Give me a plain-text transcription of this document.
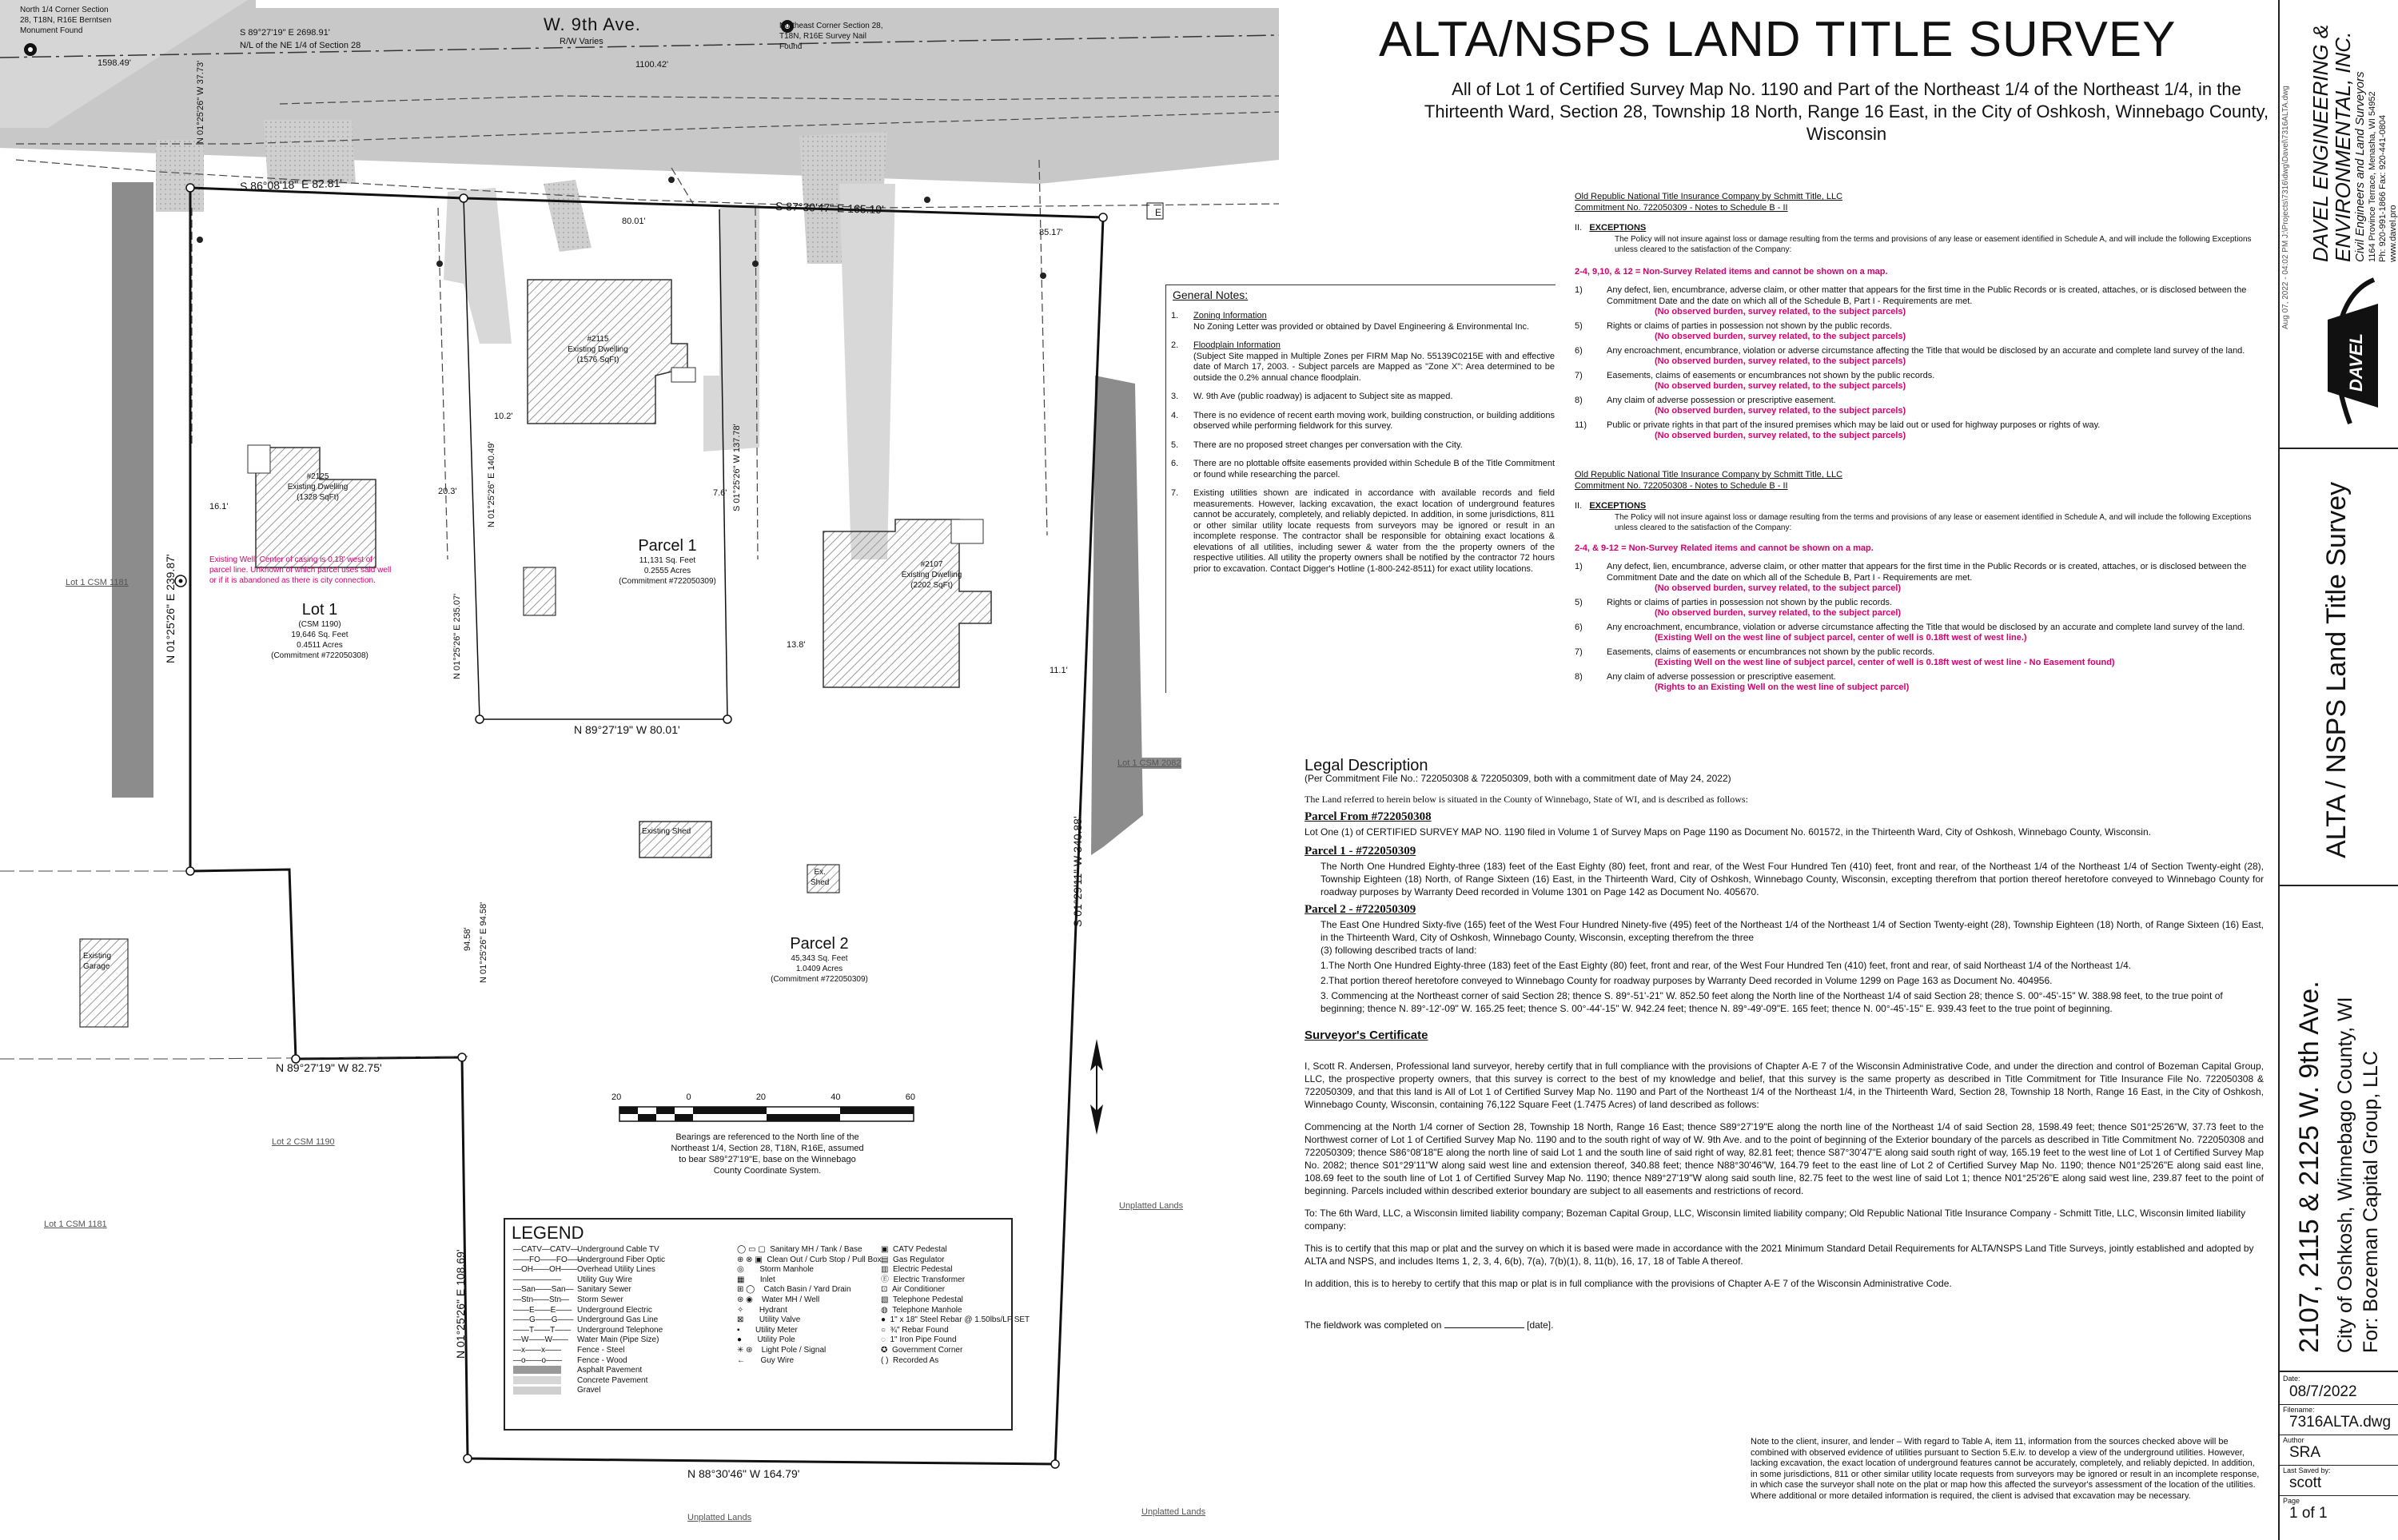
E
North 1/4 Corner Section 28, T18N, R16E Berntsen Monument Found
Northeast Corner Section 28, T18N, R16E Survey Nail Found
W. 9th Ave.
R/W Varies
S 89°27'19" E 2698.91'
N/L of the NE 1/4 of Section 28
1598.49'	1100.42'
S 86°08'18" E 82.81'
S 87°30'47" E 165.19'
80.01'
85.17'
N 01°25'26" W 37.73'
N 01°25'26" E 239.87'
N 01°25'26" E 140.49'
N 01°25'26" E 235.07'
S 01°25'26" W 137.78'
N 89°27'19" W 80.01'
N 01°25'26" E 94.58'
94.58'
S 01°29'11" W 340.88'
N 89°27'19" W 82.75'
N 01°25'26" E 108.69'
N 88°30'46" W 164.79'
#2115
Existing Dwelling
(1576 SqFt)
#2125
Existing Dwelling
(1328 SqFt)
#2107
Existing Dwelling
(2202 SqFt)
Existing Shed
Ex.
Shed
Existing
Garage
Existing Well: Center of casing is 0.18' west of parcel line. Unknown of which parcel uses said well or if it is abandoned as there is city connection.
Lot 1
(CSM 1190)
19,646 Sq. Feet
0.4511 Acres
(Commitment #722050308)
Parcel 1
11,131 Sq. Feet
0.2555 Acres
(Commitment #722050309)
Parcel 2
45,343 Sq. Feet
1.0409 Acres
(Commitment #722050309)
Lot 1 CSM 1181
Lot 1 CSM 1181
Lot 2 CSM 1190
Lot 1 CSM 2082
Unplatted Lands
Unplatted Lands
Unplatted Lands
16.1'
20.3'
10.2'
7.6'
13.8'
11.1'
20	0	20	40	60
Bearings are referenced to the North line of the Northeast 1/4, Section 28, T18N, R16E, assumed to bear S89°27'19"E, base on the Winnebago County Coordinate System.
LEGEND
—CATV—CATV—Underground Cable TV
——FO——FO——Underground Fiber Optic
—OH——OH——Overhead Utility Lines
—————— Utility Guy Wire
—San——San— Sanitary Sewer
—Stn——Stn— Storm Sewer
——E——E—— Underground Electric
——G——G—— Underground Gas Line
——T——T—— Underground Telephone
—W——W—— Water Main (Pipe Size)
—x——x—— Fence - Steel
—o——o—— Fence - Wood
Asphalt Pavement
Concrete Pavement
Gravel
◯ ▭ ▢  Sanitary MH / Tank / Base
⊕ ⊗ ▣  Clean Out / Curb Stop / Pull Box
◎       Storm Manhole
▦       Inlet
⊞ ◯    Catch Basin / Yard Drain
⊛ ◉    Water MH / Well
✧       Hydrant
⊠       Utility Valve
▪       Utility Meter
●       Utility Pole
✳ ⊛    Light Pole / Signal
←       Guy Wire
▣  CATV Pedestal
▤  Gas Regulator
▥  Electric Pedestal
Ⓔ  Electric Transformer
⊡  Air Conditioner
▧  Telephone Pedestal
◍  Telephone Manhole
●  1" x 18" Steel Rebar @ 1.50lbs/LF SET
○  ¾" Rebar Found
◌  1" Iron Pipe Found
✪  Government Corner
( )  Recorded As
ALTA/NSPS LAND TITLE SURVEY
All of Lot 1 of Certified Survey Map No. 1190 and Part of the Northeast 1/4 of the Northeast 1/4, in the Thirteenth Ward, Section 28, Township 18 North, Range 16 East, in the City of Oshkosh, Winnebago County, Wisconsin
General Notes:
1.	Zoning Information
No Zoning Letter was provided or obtained by Davel Engineering & Environmental Inc.
2.	Floodplain Information
(Subject Site mapped in Multiple Zones per FIRM Map No. 55139C0215E with and effective date of March 17, 2003. - Subject parcels are Mapped as "Zone X": Area determined to be outside the 0.2% annual chance floodplain.
3.	W. 9th Ave (public roadway) is adjacent to Subject site as mapped.
4.	There is no evidence of recent earth moving work, building construction, or building additions observed while performing fieldwork for this survey.
5.	There are no proposed street changes per conversation with the City.
6.	There are no plottable offsite easements provided within Schedule B of the Title Commitment or found while researching the parcel.
7.	Existing utilities shown are indicated in accordance with available records and field measurements. However, lacking excavation, the exact location of underground features cannot be accurately, completely, and reliably depicted. In addition, in some jurisdictions, 811 or other similar utility locate requests from surveyors may be ignored or result in an incomplete response. The contractor shall be responsible for obtaining exact locations & elevations of all utilities, including sewer & water from the the property owners of the respective utilities. All utility the property owners shall be notified by the contractor 72 hours prior to excavation. Contact Digger's Hotline (1-800-242-8511) for exact utility locations.
Old Republic National Title Insurance Company by Schmitt Title, LLC
Commitment No. 722050309 - Notes to Schedule B - II
II.   EXCEPTIONS
The Policy will not insure against loss or damage resulting from the terms and provisions of any lease or easement identified in Schedule A, and will include the following Exceptions unless cleared to the satisfaction of the Company:
2-4, 9,10, & 12 = Non-Survey Related items and cannot be shown on a map.
1)	Any defect, lien, encumbrance, adverse claim, or other matter that appears for the first time in the Public Records or is created, attaches, or is disclosed between the Commitment Date and the date on which all of the Schedule B, Part I - Requirements are met.
(No observed burden, survey related, to the subject parcels)
5)	Rights or claims of parties in possession not shown by the public records.
(No observed burden, survey related, to the subject parcels)
6)	Any encroachment, encumbrance, violation or adverse circumstance affecting the Title that would be disclosed by an accurate and complete land survey of the land.
(No observed burden, survey related, to the subject parcels)
7)	Easements, claims of easements or encumbrances not shown by the public records.
(No observed burden, survey related, to the subject parcels)
8)	Any claim of adverse possession or prescriptive easement.
(No observed burden, survey related, to the subject parcels)
11)	Public or private rights in that part of the insured premises which may be laid out or used for highway purposes or rights of way.
(No observed burden, survey related, to the subject parcels)
Old Republic National Title Insurance Company by Schmitt Title, LLC
Commitment No. 722050308 - Notes to Schedule B - II
II.   EXCEPTIONS
The Policy will not insure against loss or damage resulting from the terms and provisions of any lease or easement identified in Schedule A, and will include the following Exceptions unless cleared to the satisfaction of the Company:
2-4, & 9-12 = Non-Survey Related items and cannot be shown on a map.
1)	Any defect, lien, encumbrance, adverse claim, or other matter that appears for the first time in the Public Records or is created, attaches, or is disclosed between the Commitment Date and the date on which all of the Schedule B, Part I - Requirements are met.
(No observed burden, survey related, to the subject parcel)
5)	Rights or claims of parties in possession not shown by the public records.
(No observed burden, survey related, to the subject parcel)
6)	Any encroachment, encumbrance, violation or adverse circumstance affecting the Title that would be disclosed by an accurate and complete land survey of the land.
(Existing Well on the west line of subject parcel, center of well is 0.18ft west of west line.)
7)	Easements, claims of easements or encumbrances not shown by the public records.
(Existing Well on the west line of subject parcel, center of well is 0.18ft west of west line - No Easement found)
8)	Any claim of adverse possession or prescriptive easement.
(Rights to an Existing Well on the west line of subject parcel)
Legal Description

(Per Commitment File No.: 722050308 & 722050309, both with a commitment date of May 24, 2022)

The Land referred to herein below is situated in the County of Winnebago, State of WI, and is described as follows:

Parcel From #722050308

Lot One (1) of CERTIFIED SURVEY MAP NO. 1190 filed in Volume 1 of Survey Maps on Page 1190 as Document No. 601572, in the Thirteenth Ward, City of Oshkosh, Winnebago County, Wisconsin.

Parcel 1 - #722050309

The North One Hundred Eighty-three (183) feet of the East Eighty (80) feet, front and rear, of the West Four Hundred Ten (410) feet, front and rear, of the Northeast 1/4 of the Northeast 1/4 of Section Twenty-eight (28), Township Eighteen (18) North, of Range Sixteen (16) East, in the Thirteenth Ward, City of Oshkosh, Winnebago County, Wisconsin, excepting therefrom that portion thereof heretofore conveyed to Winnebago County for roadway purposes by Warranty Deed recorded in Volume 1301 on Page 142 as Document No. 405670.

Parcel 2 - #722050309

The East One Hundred Sixty-five (165) feet of the West Four Hundred Ninety-five (495) feet of the Northeast 1/4 of the Northeast 1/4 of Section Twenty-eight (28), Township Eighteen (18) North, of Range Sixteen (16) East, in the Thirteenth Ward, City of Oshkosh, Winnebago County, Wisconsin, excepting therefrom the three

(3) following described tracts of land:

1.The North One Hundred Eighty-three (183) feet of the East Eighty (80) feet, front and rear, of the West Four Hundred Ten (410) feet, front and rear, of said Northeast 1/4 of the Northeast 1/4.

2.That portion thereof heretofore conveyed to Winnebago County for roadway purposes by Warranty Deed recorded in Volume 1299 on Page 163 as Document No. 404956.

3. Commencing at the Northeast corner of said Section 28; thence S. 89°-51'-21" W. 852.50 feet along the North line of the Northeast 1/4 of said Section 28; thence S. 00°-45'-15" W. 388.98 feet, to the true point of beginning; thence N. 89°-12'-09" W. 165.25 feet; thence S. 00°-44'-15" W. 942.24 feet; thence N. 89°-49'-09"E. 165 feet; thence N. 00°-45'-15" E. 939.43 feet to the true point of beginning.

Surveyor's Certificate

I, Scott R. Andersen, Professional land surveyor, hereby certify that in full compliance with the provisions of Chapter A-E 7 of the Wisconsin Administrative Code, and under the direction and control of Bozeman Capital Group, LLC, the prospective property owners, that this survey is correct to the best of my knowledge and belief, that this survey is the same property as described in Title Commitment for Title Insurance File No. 722050308 & 722050309, and that this land is All of Lot 1 of Certified Survey Map No. 1190 and Part of the Northeast 1/4 of the Northeast 1/4, in the Thirteenth Ward, Section 28, Township 18 North, Range 16 East, in the City of Oshkosh, Winnebago County, Wisconsin, containing 76,122 Square Feet (1.7475 Acres) of land described as follows:

Commencing at the North 1/4 corner of Section 28, Township 18 North, Range 16 East; thence S89°27'19"E along the north line of the Northeast 1/4 of said Section 28, 1598.49 feet; thence S01°25'26"W, 37.73 feet to the Northwest corner of Lot 1 of Certified Survey Map No. 1190 and to the south right of way of W. 9th Ave. and to the point of beginning of the Exterior boundary of the parcels as described in Title Commitment No. 722050308 and 722050309; thence S86°08'18"E along the north line of said Lot 1 and the south line of said right of way, 82.81 feet; thence S87°30'47"E along said south right of way, 165.19 feet to the west line of Lot 1 of Certified Survey Map No. 2082; thence S01°29'11"W along said west line and extension thereof, 340.88 feet; thence N88°30'46"W, 164.79 feet to the east line of Lot 2 of Certified Survey Map No. 1190; thence N01°25'26"E along said east line, 108.69 feet to the south line of Lot 1 of Certified Survey Map No. 1190; thence N89°27'19"W along said south line, 82.75 feet to the west line of said Lot 1; thence N01°25'26"E along said west line, 239.87 feet to the point of beginning. Parcels included within described exterior boundary are subject to all easements and restrictions of record.

To: The 6th Ward, LLC, a Wisconsin limited liability company; Bozeman Capital Group, LLC, Wisconsin limited liability company; Old Republic National Title Insurance Company - Schmitt Title, LLC, Wisconsin limited liability company:

This is to certify that this map or plat and the survey on which it is based were made in accordance with the 2021 Minimum Standard Detail Requirements for ALTA/NSPS Land Title Surveys, jointly established and adopted by ALTA and NSPS, and includes Items 1, 2, 3, 4, 6(b), 7(a), 7(b)(1), 8, 11(b), 16, 17, 18 of Table A thereof.

In addition, this is to hereby to certify that this map or plat is in full compliance with the provisions of Chapter A-E 7 of the Wisconsin Administrative Code.

The fieldwork was completed on	[date].

Note to the client, insurer, and lender – With regard to Table A, item 11, information from the sources checked above will be combined with observed evidence of utilities pursuant to Section 5.E.iv. to develop a view of the underground utilities. However, lacking excavation, the exact location of underground features cannot be accurately, completely, and reliably depicted. In addition, in some jurisdictions, 811 or other similar utility locate requests from surveyors may be ignored or result in an incomplete response, in which case the surveyor shall note on the plat or map how this affected the surveyor's assessment of the location of the utilities. Where additional or more detailed information is required, the client is advised that excavation may be necessary.
Aug 07, 2022 - 04:02 PM J:\Projects\7316\dwg\Davel\7316ALTA.dwg DAVEL ENGINEERING &
ENVIRONMENTAL, INC.
Civil Engineers and Land Surveyors 1164 Province Terrace, Menasha, WI 54952 Ph: 920-991-1866 Fax: 920-441-0804 www.davel.pro
DAVEL
ALTA / NSPS Land Title Survey
2107, 2115 & 2125 W. 9th Ave. City of Oshkosh, Winnebago County, WI For: Bozeman Capital Group, LLC
Date:
08/7/2022
Filename:
7316ALTA.dwg
Author
SRA
Last Saved by:
scott
Page
1 of 1
